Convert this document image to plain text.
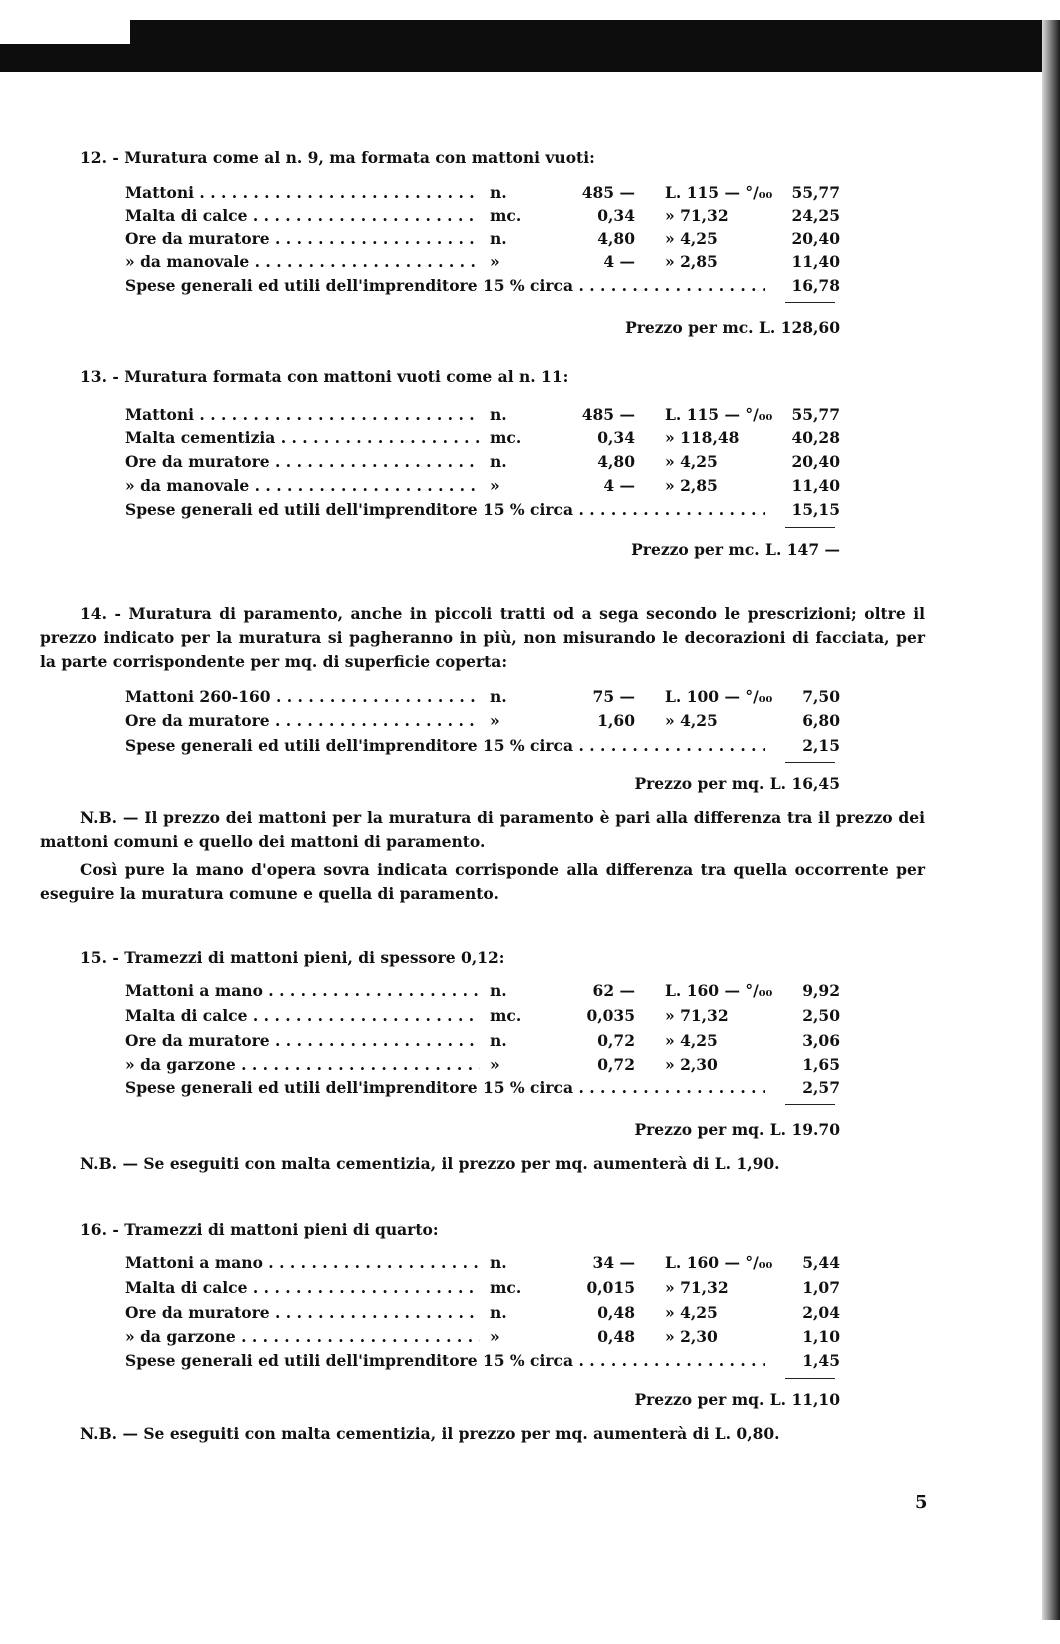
12. - Muratura come al n. 9, ma formata con mattoni vuoti:
Mattoni . . .	n.	485 — L. 115 — °/₀₀	55,77
Malta di calce . . .	mc.	0,34 » 71,32	24,25
Ore da muratore . . .	n.	4,80 » 4,25	20,40
» da manovale . . .	»	4 — » 2,85	11,40
Spese generali ed utili dell'imprenditore 15 % circa . . .	16,78
Prezzo per mc. L. 128,60
13. - Muratura formata con mattoni vuoti come al n. 11:
Mattoni . . .	n.	485 — L. 115 — °/₀₀	55,77
Malta cementizia . . .	mc.	0,34 » 118,48	40,28
Ore da muratore . . .	n.	4,80 » 4,25	20,40
» da manovale . . .	»	4 — » 2,85	11,40
Spese generali ed utili dell'imprenditore 15 % circa . . .	15,15
Prezzo per mc. L. 147 —
14. - Muratura di paramento, anche in piccoli tratti od a sega secondo le prescrizioni; oltre il prezzo indicato per la muratura si pagheranno in più, non misurando le decorazioni di facciata, per la parte corrispondente per mq. di superficie coperta:
Mattoni 260-160 . . .	n.	75 — L. 100 — °/₀₀	7,50
Ore da muratore . . .	»	1,60 » 4,25	6,80
Spese generali ed utili dell'imprenditore 15 % circa . . .	2,15
Prezzo per mq. L. 16,45
N.B. — Il prezzo dei mattoni per la muratura di paramento è pari alla differenza tra il prezzo dei mattoni comuni e quello dei mattoni di paramento.
Così pure la mano d'opera sovra indicata corrisponde alla differenza tra quella occorrente per eseguire la muratura comune e quella di paramento.
15. - Tramezzi di mattoni pieni, di spessore 0,12:
Mattoni a mano . . .	n.	62 — L. 160 — °/₀₀	9,92
Malta di calce . . .	mc.	0,035 » 71,32	2,50
Ore da muratore . . .	n.	0,72 » 4,25	3,06
» da garzone . . .	»	0,72 » 2,30	1,65
Spese generali ed utili dell'imprenditore 15 % circa . . .	2,57
Prezzo per mq. L. 19.70
N.B. — Se eseguiti con malta cementizia, il prezzo per mq. aumenterà di L. 1,90.
16. - Tramezzi di mattoni pieni di quarto:
Mattoni a mano . . .	n.	34 — L. 160 — °/₀₀	5,44
Malta di calce . . .	mc.	0,015 » 71,32	1,07
Ore da muratore . . .	n.	0,48 » 4,25	2,04
» da garzone . . .	»	0,48 » 2,30	1,10
Spese generali ed utili dell'imprenditore 15 % circa . . .	1,45
Prezzo per mq. L. 11,10
N.B. — Se eseguiti con malta cementizia, il prezzo per mq. aumenterà di L. 0,80.
5
